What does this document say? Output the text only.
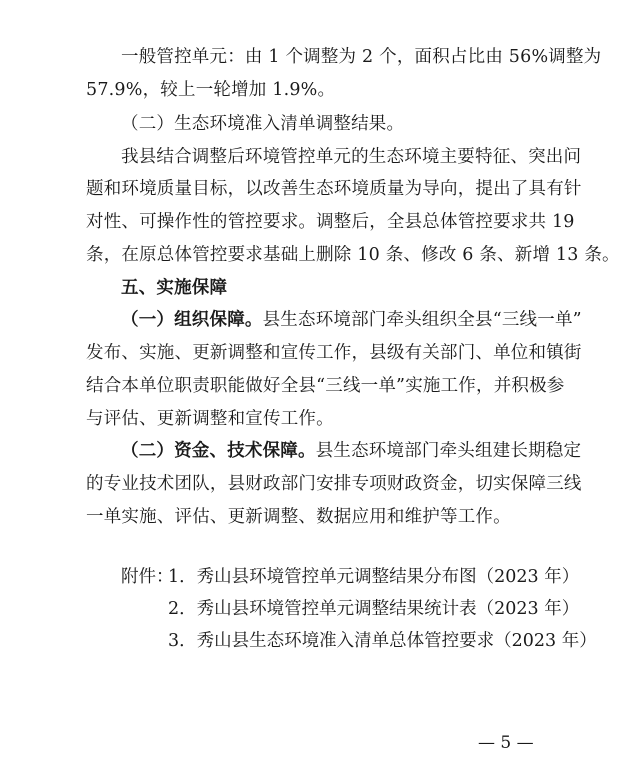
一般管控单元：由 1 个调整为 2 个，面积占比由 56%调整为
57.9%，较上一轮增加 1.9%。
（二）生态环境准入清单调整结果。
我县结合调整后环境管控单元的生态环境主要特征、突出问
题和环境质量目标，以改善生态环境质量为导向，提出了具有针
对性、可操作性的管控要求。调整后，全县总体管控要求共 19
条，在原总体管控要求基础上删除 10 条、修改 6 条、新增 13 条。
五、实施保障
（一）组织保障。县生态环境部门牵头组织全县“三线一单”
发布、实施、更新调整和宣传工作，县级有关部门、单位和镇街
结合本单位职责职能做好全县“三线一单”实施工作，并积极参
与评估、更新调整和宣传工作。
（二）资金、技术保障。县生态环境部门牵头组建长期稳定
的专业技术团队，县财政部门安排专项财政资金，切实保障三线
一单实施、评估、更新调整、数据应用和维护等工作。
附件：
1．秀山县环境管控单元调整结果分布图（2023 年）
2．秀山县环境管控单元调整结果统计表（2023 年）
3．秀山县生态环境准入清单总体管控要求（2023 年）
— 5 —
